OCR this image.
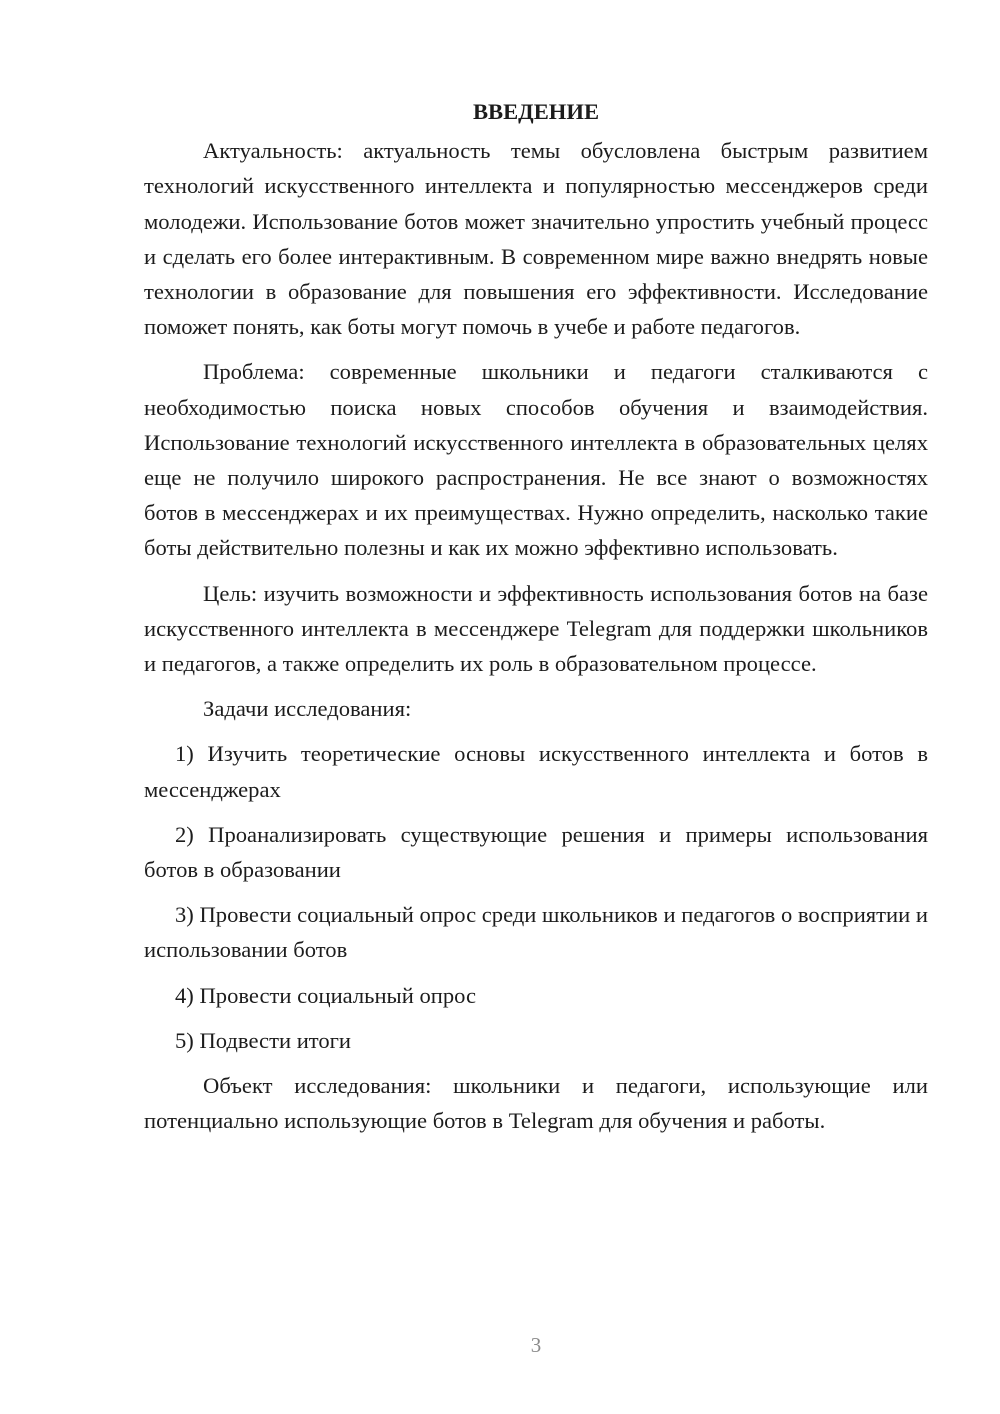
ВВЕДЕНИЕ

Актуальность: актуальность темы обусловлена быстрым развитием технологий искусственного интеллекта и популярностью мессенджеров среди молодежи. Использование ботов может значительно упростить учебный процесс и сделать его более интерактивным. В современном мире важно внедрять новые технологии в образование для повышения его эффективности. Исследование поможет понять, как боты могут помочь в учебе и работе педагогов.

Проблема: современные школьники и педагоги сталкиваются с необходимостью поиска новых способов обучения и взаимодействия. Использование технологий искусственного интеллекта в образовательных целях еще не получило широкого распространения. Не все знают о возможностях ботов в мессенджерах и их преимуществах. Нужно определить, насколько такие боты действительно полезны и как их можно эффективно использовать.

Цель: изучить возможности и эффективность использования ботов на базе искусственного интеллекта в мессенджере Telegram для поддержки школьников и педагогов, а также определить их роль в образовательном процессе.

Задачи исследования:

1) Изучить теоретические основы искусственного интеллекта и ботов в мессенджерах

2) Проанализировать существующие решения и примеры использования ботов в образовании

3) Провести социальный опрос среди школьников и педагогов о восприятии и использовании ботов

4) Провести социальный опрос

5) Подвести итоги

Объект исследования: школьники и педагоги, использующие или потенциально использующие ботов в Telegram для обучения и работы.

3
